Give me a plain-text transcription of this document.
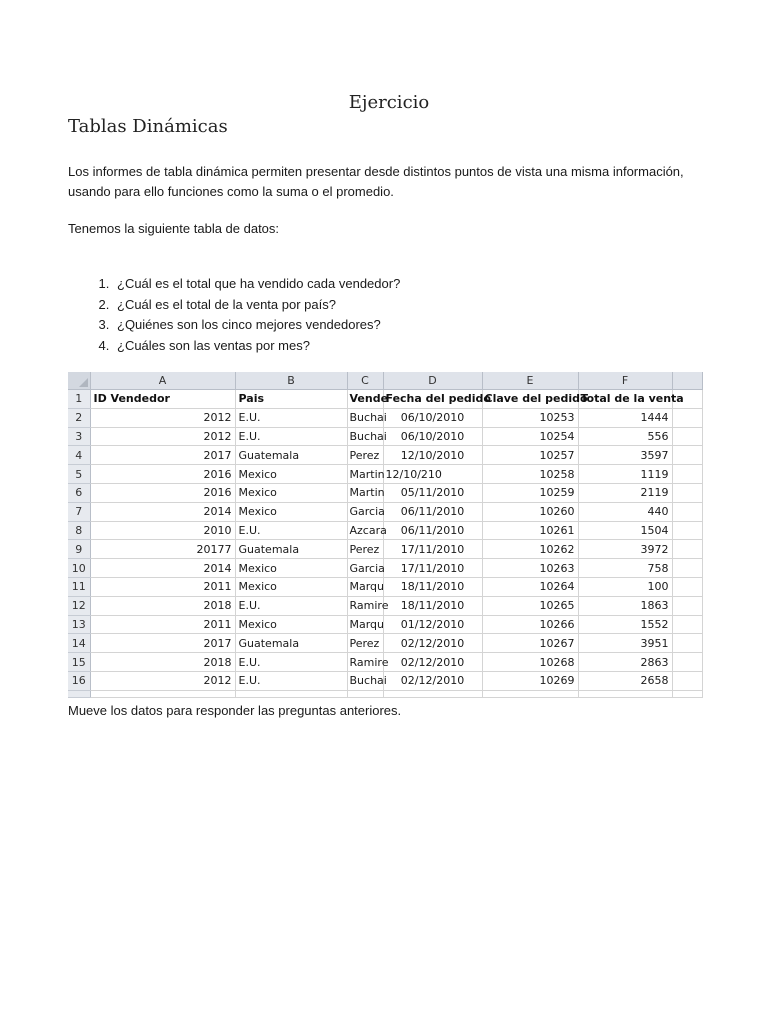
Ejercicio
Tablas Dinámicas

Los informes de tabla dinámica permiten presentar desde distintos puntos de vista una misma información, usando para ello funciones como la suma o el promedio.

Tenemos la siguiente tabla de datos:

1. ¿Cuál es el total que ha vendido cada vendedor?
2. ¿Cuál es el total de la venta por país?
3. ¿Quiénes son los cinco mejores vendedores?
4. ¿Cuáles son las ventas por mes?
	A	B	C	D	E	F	
1	ID Vendedor	Pais	Vende	Fecha del pedido	Clave del pedido	Total de la venta	
2	2012	E.U.	Buchai	06/10/2010	10253	1444	
3	2012	E.U.	Buchai	06/10/2010	10254	556	
4	2017	Guatemala	Perez	12/10/2010	10257	3597	
5	2016	Mexico	Martin	12/10/210	10258	1119	
6	2016	Mexico	Martin	05/11/2010	10259	2119	
7	2014	Mexico	Garcia	06/11/2010	10260	440	
8	2010	E.U.	Azcara	06/11/2010	10261	1504	
9	20177	Guatemala	Perez	17/11/2010	10262	3972	
10	2014	Mexico	Garcia	17/11/2010	10263	758	
11	2011	Mexico	Marqu	18/11/2010	10264	100	
12	2018	E.U.	Ramire	18/11/2010	10265	1863	
13	2011	Mexico	Marqu	01/12/2010	10266	1552	
14	2017	Guatemala	Perez	02/12/2010	10267	3951	
15	2018	E.U.	Ramire	02/12/2010	10268	2863	
16	2012	E.U.	Buchai	02/12/2010	10269	2658	

Mueve los datos para responder las preguntas anteriores.
